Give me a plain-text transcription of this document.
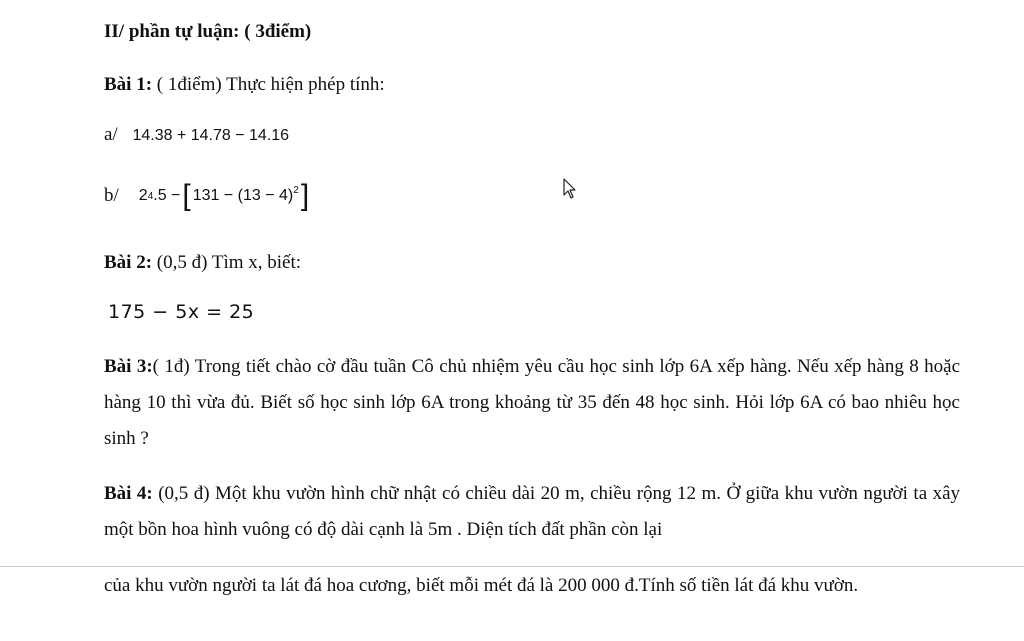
II/ phần tự luận: ( 3điểm)
Bài 1: ( 1điểm) Thực hiện phép tính:
a/ 14.38 + 14.78 − 14.16
b/ 2 4 .5 − [ $131 - (13 - 4)^2$ ]
Bài 2: (0,5 đ) Tìm x, biết:
175 − 5x = 25
Bài 3:( 1đ) Trong tiết chào cờ đầu tuần Cô chủ nhiệm yêu cầu học sinh lớp 6A xếp hàng. Nếu xếp hàng 8 hoặc hàng 10 thì vừa đủ. Biết số học sinh lớp 6A trong khoảng từ 35 đến 48 học sinh. Hỏi lớp 6A có bao nhiêu học sinh ?
Bài 4: (0,5 đ) Một khu vườn hình chữ nhật có chiều dài 20 m, chiều rộng 12 m. Ở giữa khu vườn người ta xây một bồn hoa hình vuông có độ dài cạnh là 5m . Diện tích đất phần còn lại
của khu vườn người ta lát đá hoa cương, biết mỗi mét đá là 200 000 đ.Tính số tiền lát đá khu vườn.
